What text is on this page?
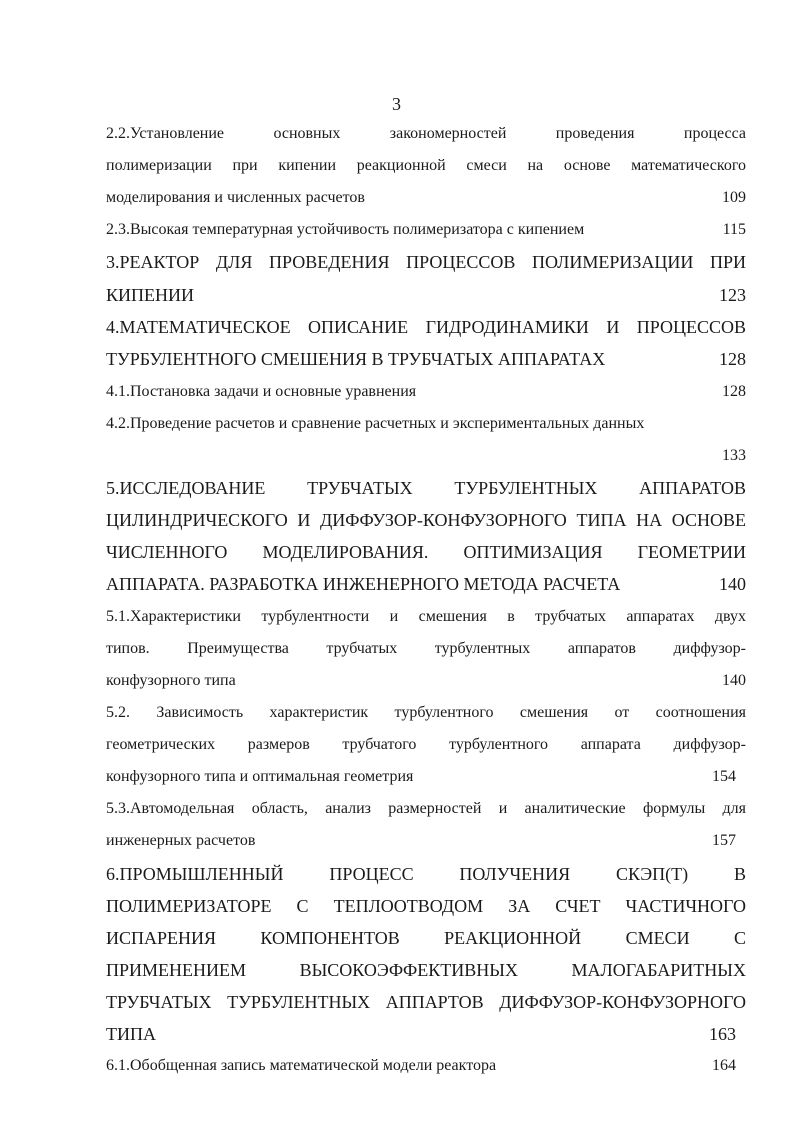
3
2.2.Установление основных закономерностей проведения процесса
полимеризации при кипении реакционной смеси на основе математического
моделирования и численных расчетов	109
2.3.Высокая температурная устойчивость полимеризатора с кипением	115
3.РЕАКТОР ДЛЯ ПРОВЕДЕНИЯ ПРОЦЕССОВ ПОЛИМЕРИЗАЦИИ ПРИ
КИПЕНИИ	123
4.МАТЕМАТИЧЕСКОЕ ОПИСАНИЕ ГИДРОДИНАМИКИ И ПРОЦЕССОВ
ТУРБУЛЕНТНОГО СМЕШЕНИЯ В ТРУБЧАТЫХ АППАРАТАХ	128
4.1.Постановка задачи и основные уравнения	128
4.2.Проведение расчетов и сравнение расчетных и экспериментальных данных
133
5.ИССЛЕДОВАНИЕ ТРУБЧАТЫХ ТУРБУЛЕНТНЫХ АППАРАТОВ
ЦИЛИНДРИЧЕСКОГО И ДИФФУЗОР-КОНФУЗОРНОГО ТИПА НА ОСНОВЕ
ЧИСЛЕННОГО МОДЕЛИРОВАНИЯ. ОПТИМИЗАЦИЯ ГЕОМЕТРИИ
АППАРАТА. РАЗРАБОТКА ИНЖЕНЕРНОГО МЕТОДА РАСЧЕТА	140
5.1.Характеристики турбулентности и смешения в трубчатых аппаратах двух
типов. Преимущества трубчатых турбулентных аппаратов диффузор-
конфузорного типа	140
5.2. Зависимость характеристик турбулентного смешения от соотношения
геометрических размеров трубчатого турбулентного аппарата диффузор-
конфузорного типа и оптимальная геометрия	154
5.3.Автомодельная область, анализ размерностей и аналитические формулы для
инженерных расчетов	157
6.ПРОМЫШЛЕННЫЙ ПРОЦЕСС ПОЛУЧЕНИЯ СКЭП(Т) В
ПОЛИМЕРИЗАТОРЕ С ТЕПЛООТВОДОМ ЗА СЧЕТ ЧАСТИЧНОГО
ИСПАРЕНИЯ КОМПОНЕНТОВ РЕАКЦИОННОЙ СМЕСИ С
ПРИМЕНЕНИЕМ ВЫСОКОЭФФЕКТИВНЫХ МАЛОГАБАРИТНЫХ
ТРУБЧАТЫХ ТУРБУЛЕНТНЫХ АППАРТОВ ДИФФУЗОР-КОНФУЗОРНОГО
ТИПА	163
6.1.Обобщенная запись математической модели реактора	164
